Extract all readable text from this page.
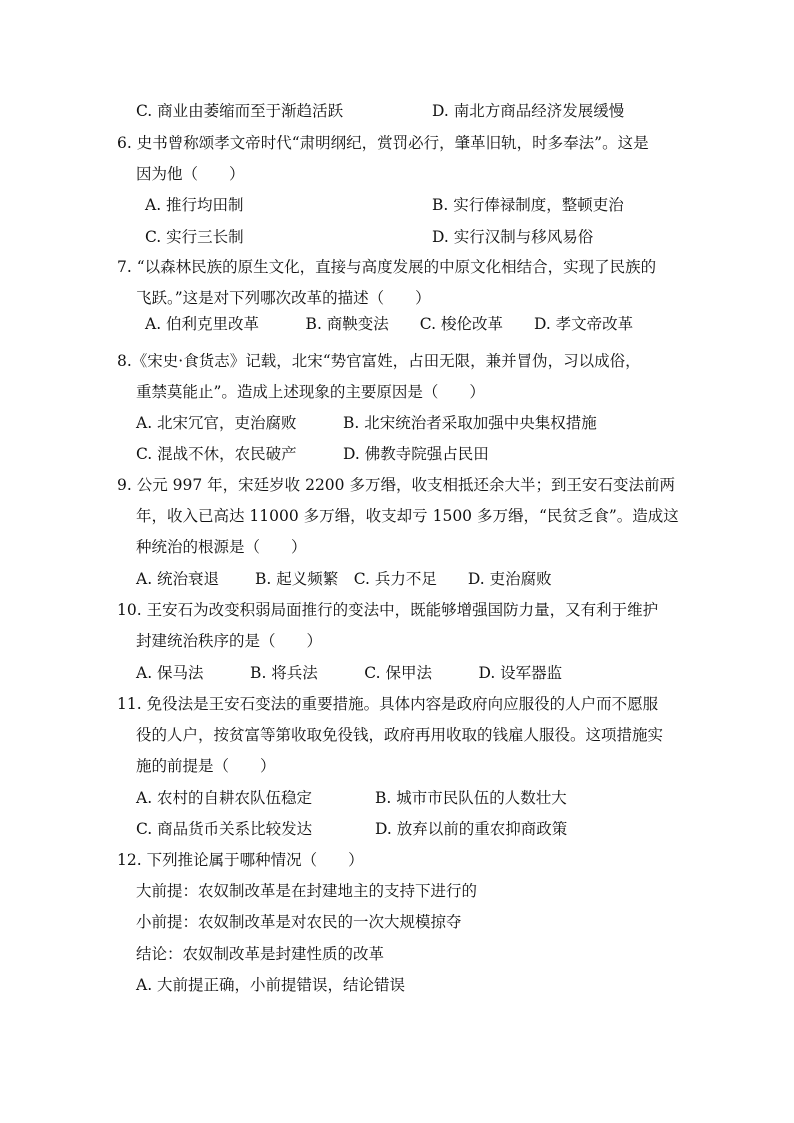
C. 商业由萎缩而至于渐趋活跃	D. 南北方商品经济发展缓慢
6. 史书曾称颂孝文帝时代“肃明纲纪，赏罚必行，肇革旧轨，时多奉法”。这是
因为他（　　）
A. 推行均田制	B. 实行俸禄制度，整顿吏治
C. 实行三长制	D. 实行汉制与移风易俗
7. “以森林民族的原生文化，直接与高度发展的中原文化相结合，实现了民族的
飞跃。”这是对下列哪次改革的描述（　　）
A. 伯利克里改革　　　B. 商鞅变法　　C. 梭伦改革　　D. 孝文帝改革
8.《宋史·食货志》记载，北宋“势官富姓，占田无限，兼并冒伪，习以成俗，
重禁莫能止”。造成上述现象的主要原因是（　　）
A. 北宋冗官，吏治腐败	B. 北宋统治者采取加强中央集权措施
C. 混战不休，农民破产	D. 佛教寺院强占民田
9. 公元 997 年，宋廷岁收 2200 多万缗，收支相抵还余大半；到王安石变法前两
年，收入已高达 11000 多万缗，收支却亏 1500 多万缗，“民贫乏食”。造成这
种统治的根源是（　　）
A. 统治衰退　　 B. 起义频繁　C. 兵力不足　　D. 吏治腐败
10. 王安石为改变积弱局面推行的变法中，既能够增强国防力量，又有利于维护
封建统治秩序的是（　　）
A. 保马法　　　B. 将兵法　　　C. 保甲法　　　D. 设军器监
11. 免役法是王安石变法的重要措施。具体内容是政府向应服役的人户而不愿服
役的人户，按贫富等第收取免役钱，政府再用收取的钱雇人服役。这项措施实
施的前提是（　　）
A. 农村的自耕农队伍稳定	B. 城市市民队伍的人数壮大
C. 商品货币关系比较发达	D. 放弃以前的重农抑商政策
12. 下列推论属于哪种情况（　　）
大前提：农奴制改革是在封建地主的支持下进行的
小前提：农奴制改革是对农民的一次大规模掠夺
结论：农奴制改革是封建性质的改革
A. 大前提正确，小前提错误，结论错误
